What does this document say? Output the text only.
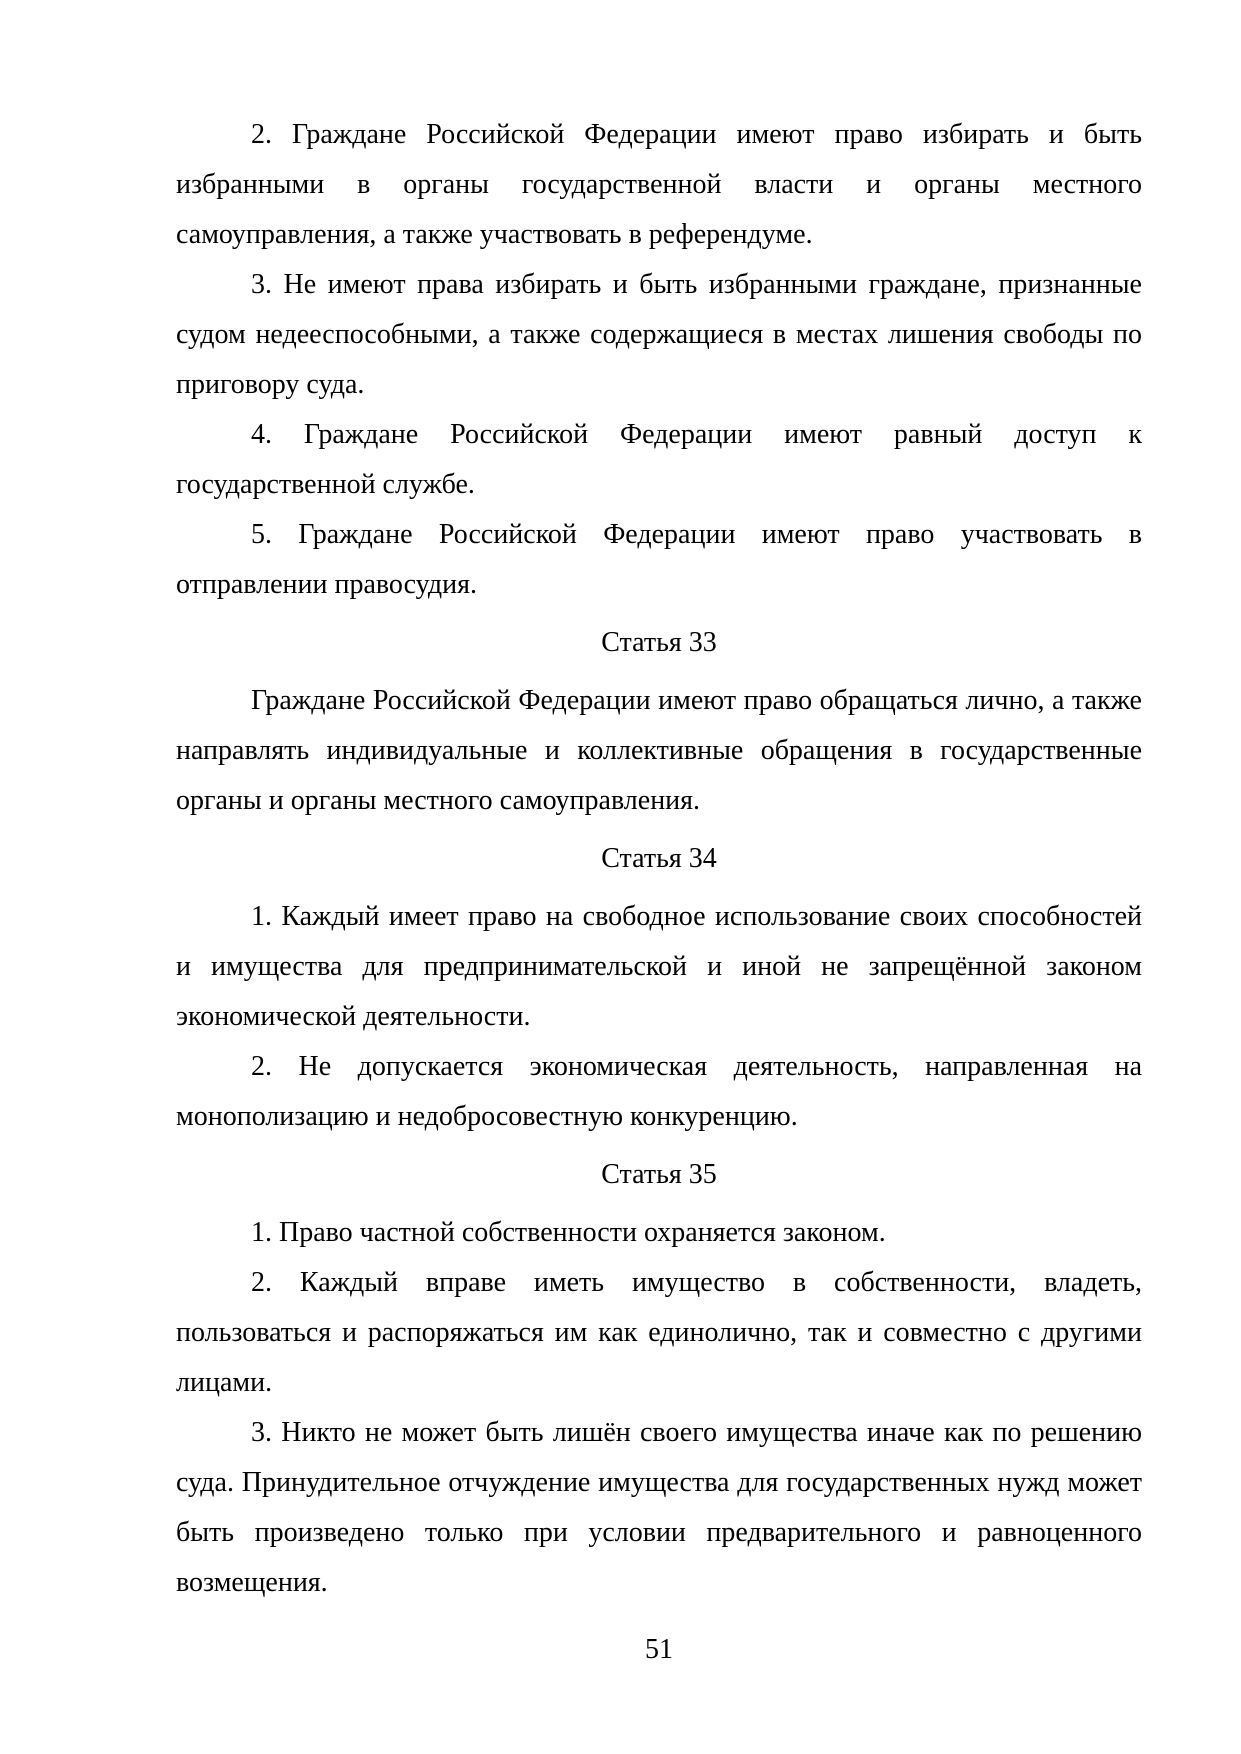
2. Граждане Российской Федерации имеют право избирать и быть избранными в органы государственной власти и органы местного самоуправления, а также участвовать в референдуме.

3. Не имеют права избирать и быть избранными граждане, признанные судом недееспособными, а также содержащиеся в местах лишения свободы по приговору суда.

4. Граждане Российской Федерации имеют равный доступ к государственной службе.

5. Граждане Российской Федерации имеют право участвовать в отправлении правосудия.

Статья 33

Граждане Российской Федерации имеют право обращаться лично, а также направлять индивидуальные и коллективные обращения в государственные органы и органы местного самоуправления.

Статья 34

1. Каждый имеет право на свободное использование своих способностей и имущества для предпринимательской и иной не запрещённой законом экономической деятельности.

2. Не допускается экономическая деятельность, направленная на монополизацию и недобросовестную конкуренцию.

Статья 35

1. Право частной собственности охраняется законом.

2. Каждый вправе иметь имущество в собственности, владеть, пользоваться и распоряжаться им как единолично, так и совместно с другими лицами.

3. Никто не может быть лишён своего имущества иначе как по решению суда. Принудительное отчуждение имущества для государственных нужд может быть произведено только при условии предварительного и равноценного возмещения.

51
